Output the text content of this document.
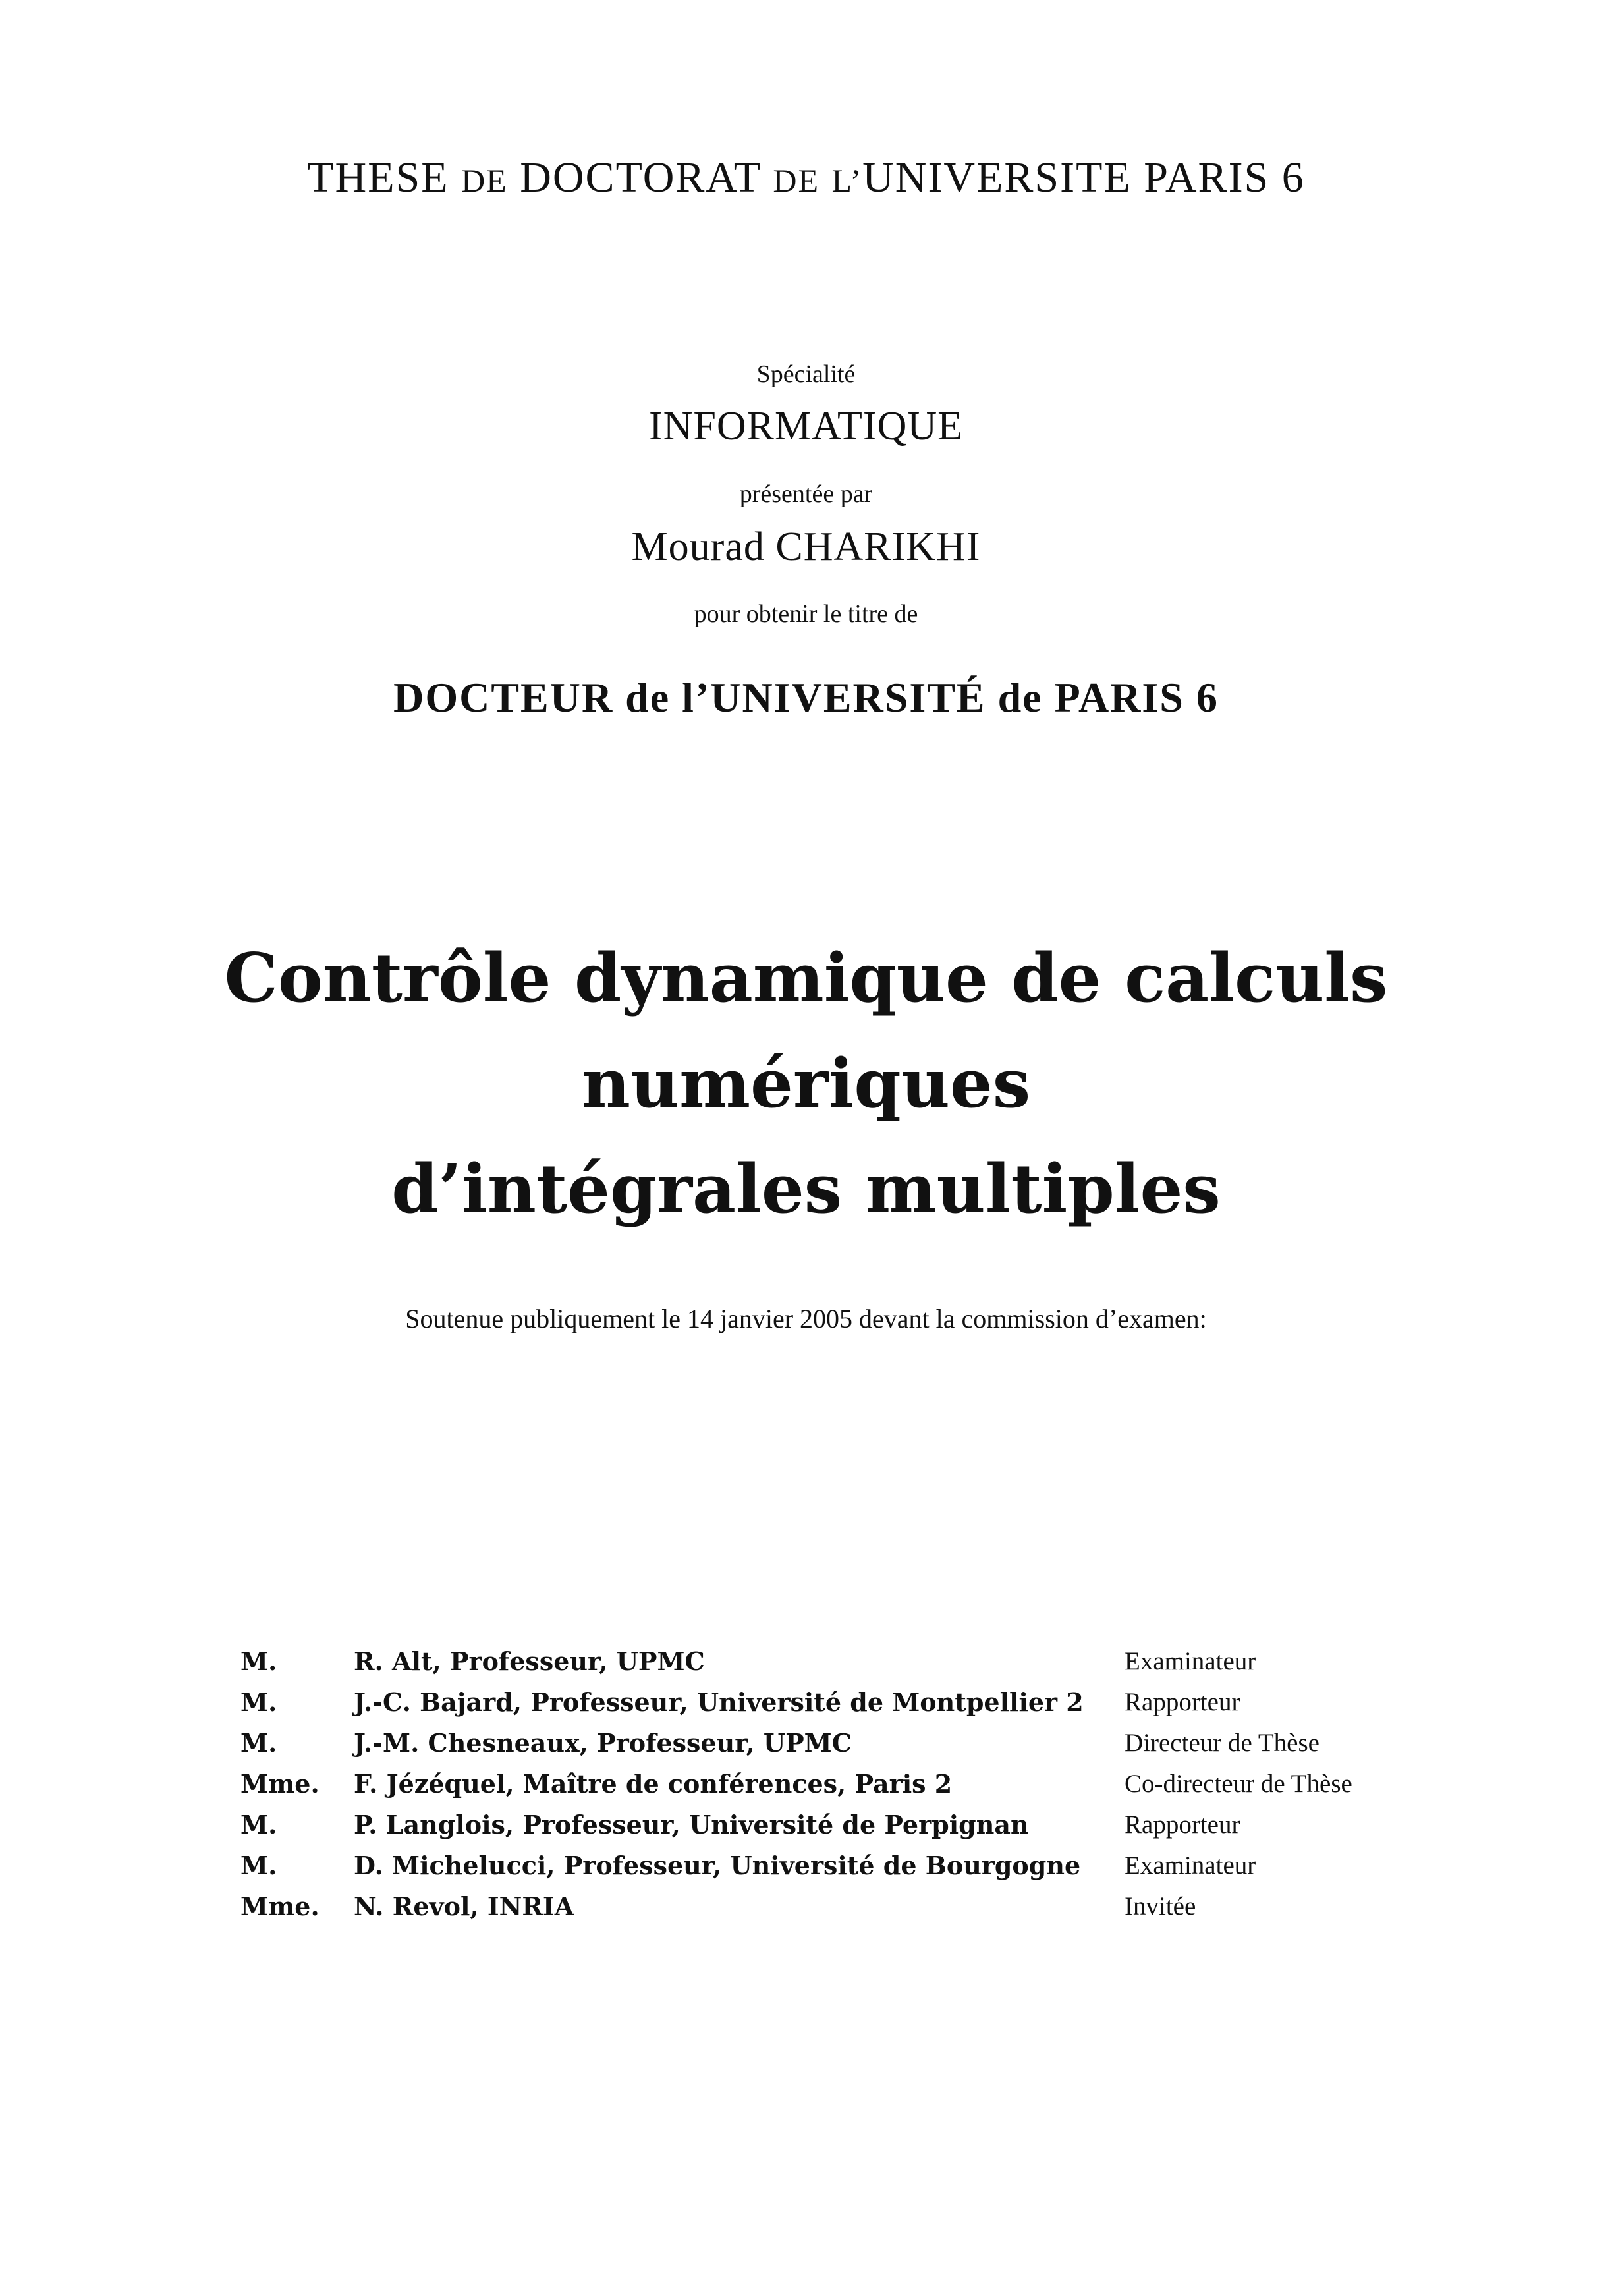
THESE DE DOCTORAT DE L’UNIVERSITE PARIS 6
Spécialité
INFORMATIQUE
présentée par
Mourad CHARIKHI
pour obtenir le titre de
DOCTEUR de l’UNIVERSITÉ de PARIS 6
Contrôle dynamique de calculs
numériques
d’intégrales multiples
Soutenue publiquement le 14 janvier 2005 devant la commission d’examen:
M.	R. Alt, Professeur, UPMC	Examinateur
M.	J.-C. Bajard, Professeur, Université de Montpellier 2	Rapporteur
M.	J.-M. Chesneaux, Professeur, UPMC	Directeur de Thèse
Mme.	F. Jézéquel, Maître de conférences, Paris 2	Co-directeur de Thèse
M.	P. Langlois, Professeur, Université de Perpignan	Rapporteur
M.	D. Michelucci, Professeur, Université de Bourgogne	Examinateur
Mme.	N. Revol, INRIA	Invitée
